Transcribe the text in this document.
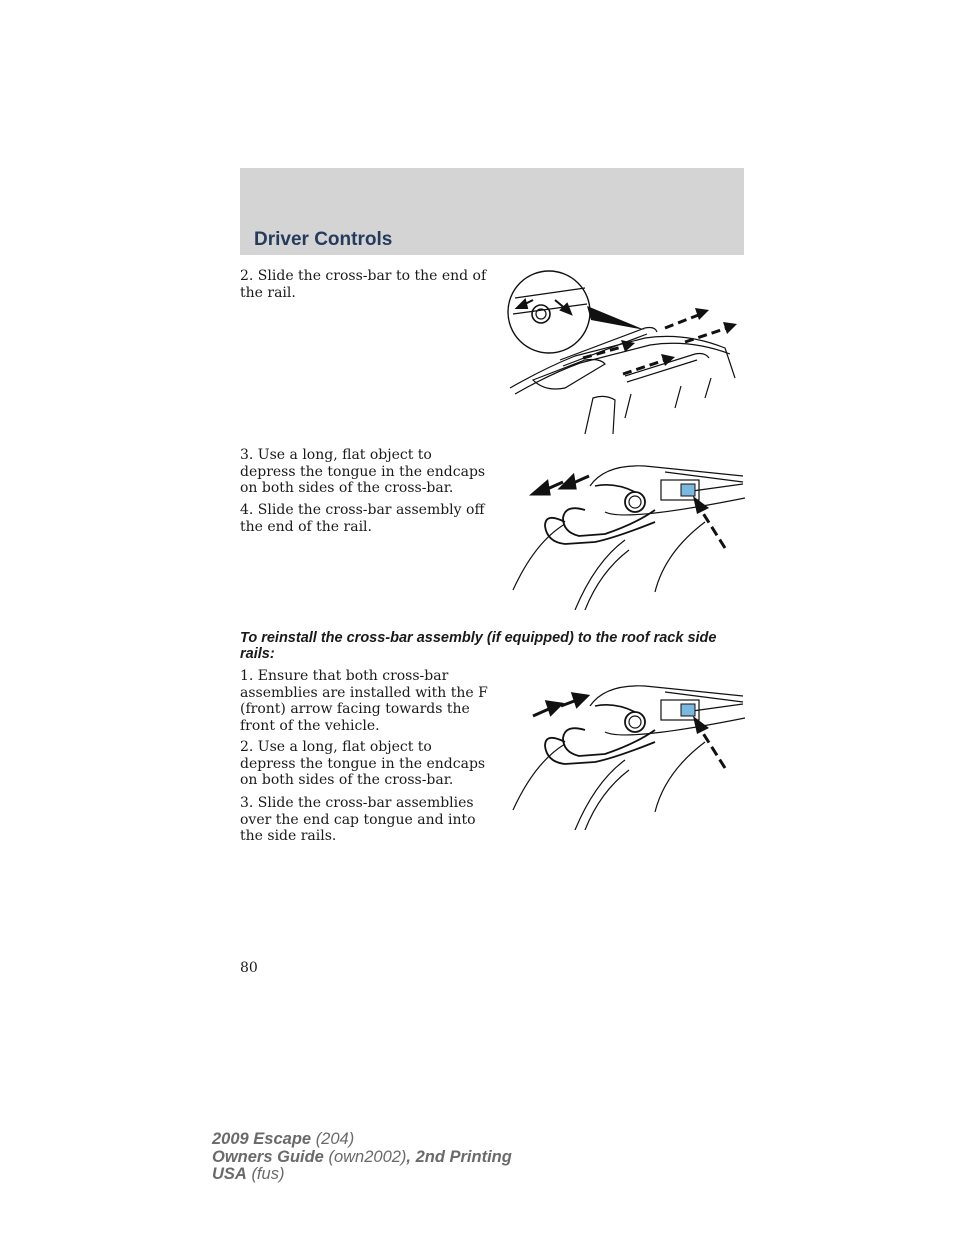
Driver Controls

2. Slide the cross-bar to the end of the rail.

3. Use a long, flat object to depress the tongue in the endcaps on both sides of the cross-bar.

4. Slide the cross-bar assembly off the end of the rail.

To reinstall the cross-bar assembly (if equipped) to the roof rack side rails:

1. Ensure that both cross-bar assemblies are installed with the F (front) arrow facing towards the front of the vehicle.

2. Use a long, flat object to depress the tongue in the endcaps on both sides of the cross-bar.

3. Slide the cross-bar assemblies over the end cap tongue and into the side rails.

80
2009 Escape (204)
Owners Guide (own2002), 2nd Printing
USA (fus)
